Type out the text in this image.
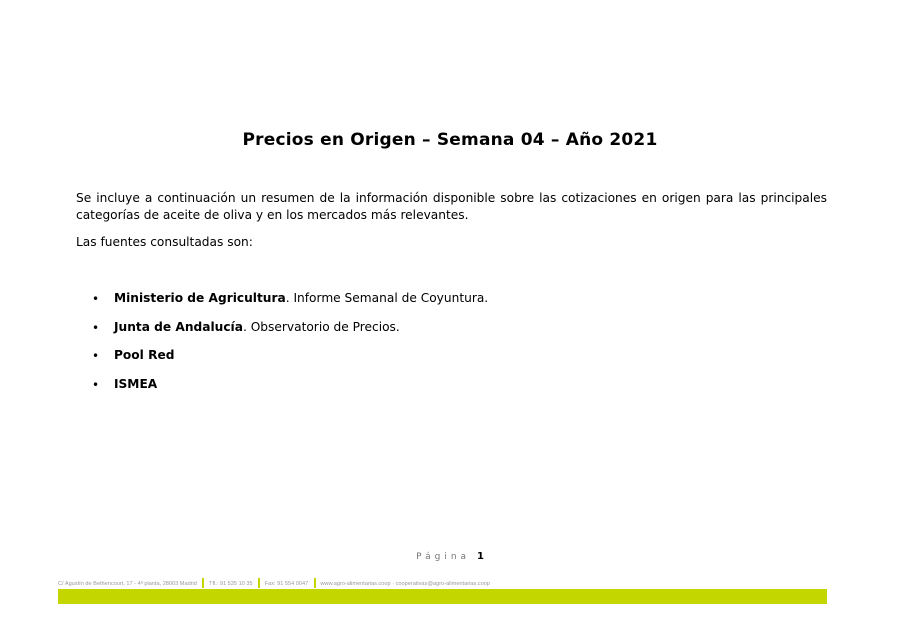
Precios en Origen – Semana 04 – Año 2021
Se incluye a continuación un resumen de la información disponible sobre las cotizaciones en origen para las principales
categorías de aceite de oliva y en los mercados más relevantes.
Las fuentes consultadas son:
• Ministerio de Agricultura. Informe Semanal de Coyuntura.
• Junta de Andalucía. Observatorio de Precios.
• Pool Red
• ISMEA
Página 1
C/ Agustín de Bethencourt, 17 - 4ª planta, 28003 Madrid Tfl.: 91 535 10 35 Fax: 91 554 0047 www.agro-alimentarias.coop · cooperativas@agro-alimentarias.coop
